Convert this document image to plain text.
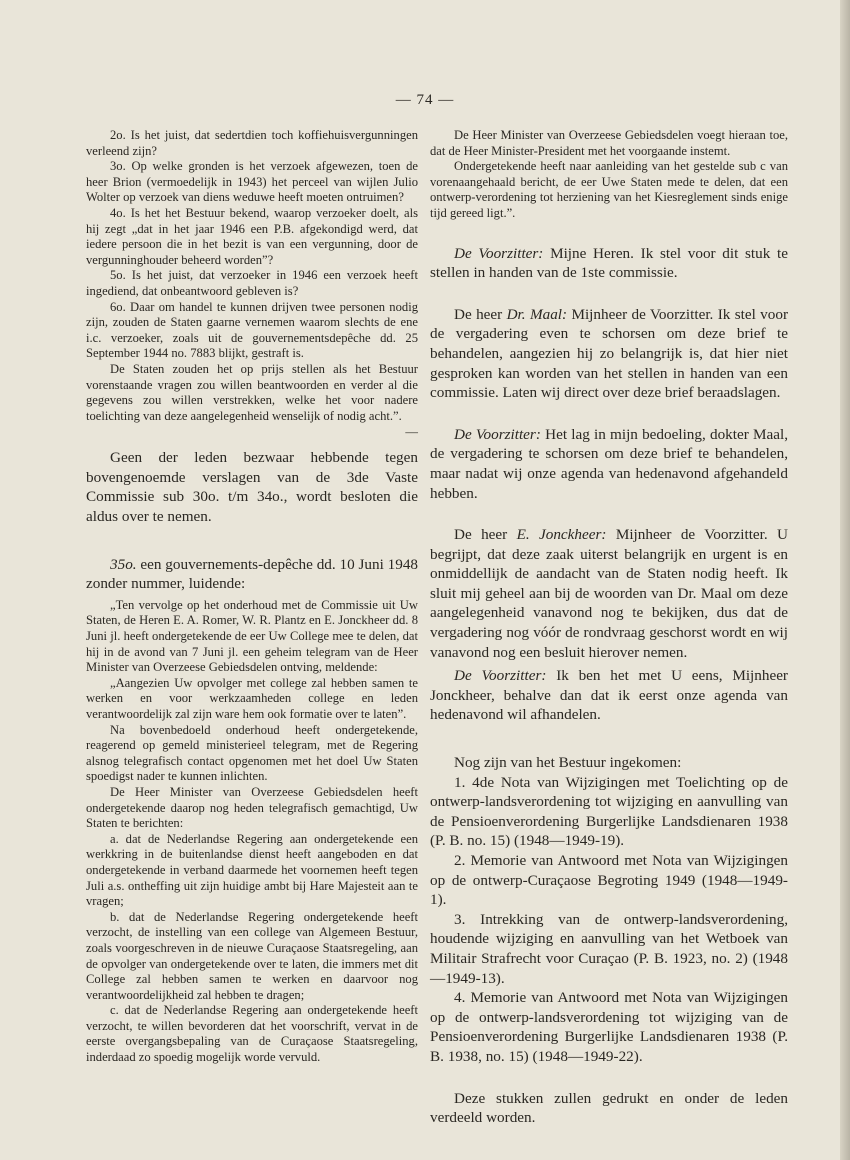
— 74 —

2o. Is het juist, dat sedertdien toch koffiehuisvergunningen verleend zijn?

3o. Op welke gronden is het verzoek afgewezen, toen de heer Brion (vermoedelijk in 1943) het perceel van wijlen Julio Wolter op verzoek van diens weduwe heeft moeten ontruimen?

4o. Is het het Bestuur bekend, waarop verzoeker doelt, als hij zegt „dat in het jaar 1946 een P.B. afgekondigd werd, dat iedere persoon die in het bezit is van een vergunning, door de vergunninghouder beheerd worden”?

5o. Is het juist, dat verzoeker in 1946 een verzoek heeft ingediend, dat onbeantwoord gebleven is?

6o. Daar om handel te kunnen drijven twee personen nodig zijn, zouden de Staten gaarne vernemen waarom slechts de ene i.c. verzoeker, zoals uit de gouvernementsdepêche dd. 25 September 1944 no. 7883 blijkt, gestraft is.

De Staten zouden het op prijs stellen als het Bestuur vorenstaande vragen zou willen beantwoorden en verder al die gegevens zou willen verstrekken, welke het voor nadere toelichting van deze aangelegenheid wenselijk of nodig acht.”.

—

Geen der leden bezwaar hebbende tegen bovengenoemde verslagen van de 3de Vaste Commissie sub 30o. t/m 34o., wordt besloten die aldus over te nemen.

35o. een gouvernements-depêche dd. 10 Juni 1948 zonder nummer, luidende:

„Ten vervolge op het onderhoud met de Commissie uit Uw Staten, de Heren E. A. Romer, W. R. Plantz en E. Jonckheer dd. 8 Juni jl. heeft ondergetekende de eer Uw College mee te delen, dat hij in de avond van 7 Juni jl. een geheim telegram van de Heer Minister van Overzeese Gebiedsdelen ontving, meldende:

„Aangezien Uw opvolger met college zal hebben samen te werken en voor werkzaamheden college en leden verantwoordelijk zal zijn ware hem ook formatie over te laten”.

Na bovenbedoeld onderhoud heeft ondergetekende, reagerend op gemeld ministerieel telegram, met de Regering alsnog telegrafisch contact opgenomen met het doel Uw Staten spoedigst nader te kunnen inlichten.

De Heer Minister van Overzeese Gebiedsdelen heeft ondergetekende daarop nog heden telegrafisch gemachtigd, Uw Staten te berichten:

a. dat de Nederlandse Regering aan ondergetekende een werkkring in de buitenlandse dienst heeft aangeboden en dat ondergetekende in verband daarmede het voornemen heeft tegen Juli a.s. ontheffing uit zijn huidige ambt bij Hare Majesteit aan te vragen;

b. dat de Nederlandse Regering ondergetekende heeft verzocht, de instelling van een college van Algemeen Bestuur, zoals voorgeschreven in de nieuwe Curaçaose Staatsregeling, aan de opvolger van ondergetekende over te laten, die immers met dit College zal hebben samen te werken en daarvoor nog verantwoordelijkheid zal hebben te dragen;

c. dat de Nederlandse Regering aan ondergetekende heeft verzocht, te willen bevorderen dat het voorschrift, vervat in de eerste overgangsbepaling van de Curaçaose Staatsregeling, inderdaad zo spoedig mogelijk worde vervuld.

De Heer Minister van Overzeese Gebiedsdelen voegt hieraan toe, dat de Heer Minister-President met het voorgaande instemt.

Ondergetekende heeft naar aanleiding van het gestelde sub c van vorenaangehaald bericht, de eer Uwe Staten mede te delen, dat een ontwerp-verordening tot herziening van het Kiesreglement sinds enige tijd gereed ligt.”.

De Voorzitter: Mijne Heren. Ik stel voor dit stuk te stellen in handen van de 1ste commissie.

De heer Dr. Maal: Mijnheer de Voorzitter. Ik stel voor de vergadering even te schorsen om deze brief te behandelen, aangezien hij zo belangrijk is, dat hier niet gesproken kan worden van het stellen in handen van een commissie. Laten wij direct over deze brief beraadslagen.

De Voorzitter: Het lag in mijn bedoeling, dokter Maal, de vergadering te schorsen om deze brief te behandelen, maar nadat wij onze agenda van hedenavond afgehandeld hebben.

De heer E. Jonckheer: Mijnheer de Voorzitter. U begrijpt, dat deze zaak uiterst belangrijk en urgent is en onmiddellijk de aandacht van de Staten nodig heeft. Ik sluit mij geheel aan bij de woorden van Dr. Maal om deze aangelegenheid vanavond nog te bekijken, dus dat de vergadering nog vóór de rondvraag geschorst wordt en wij vanavond nog een besluit hierover nemen.

De Voorzitter: Ik ben het met U eens, Mijnheer Jonckheer, behalve dan dat ik eerst onze agenda van hedenavond wil afhandelen.

Nog zijn van het Bestuur ingekomen:

1. 4de Nota van Wijzigingen met Toelichting op de ontwerp-landsverordening tot wijziging en aanvulling van de Pensioenverordening Burgerlijke Landsdienaren 1938 (P. B. no. 15) (1948—1949-19).

2. Memorie van Antwoord met Nota van Wijzigingen op de ontwerp-Curaçaose Begroting 1949 (1948—1949-1).

3. Intrekking van de ontwerp-landsverordening, houdende wijziging en aanvulling van het Wetboek van Militair Strafrecht voor Curaçao (P. B. 1923, no. 2) (1948—1949-13).

4. Memorie van Antwoord met Nota van Wijzigingen op de ontwerp-landsverordening tot wijziging van de Pensioenverordening Burgerlijke Landsdienaren 1938 (P. B. 1938, no. 15) (1948—1949-22).

Deze stukken zullen gedrukt en onder de leden verdeeld worden.
